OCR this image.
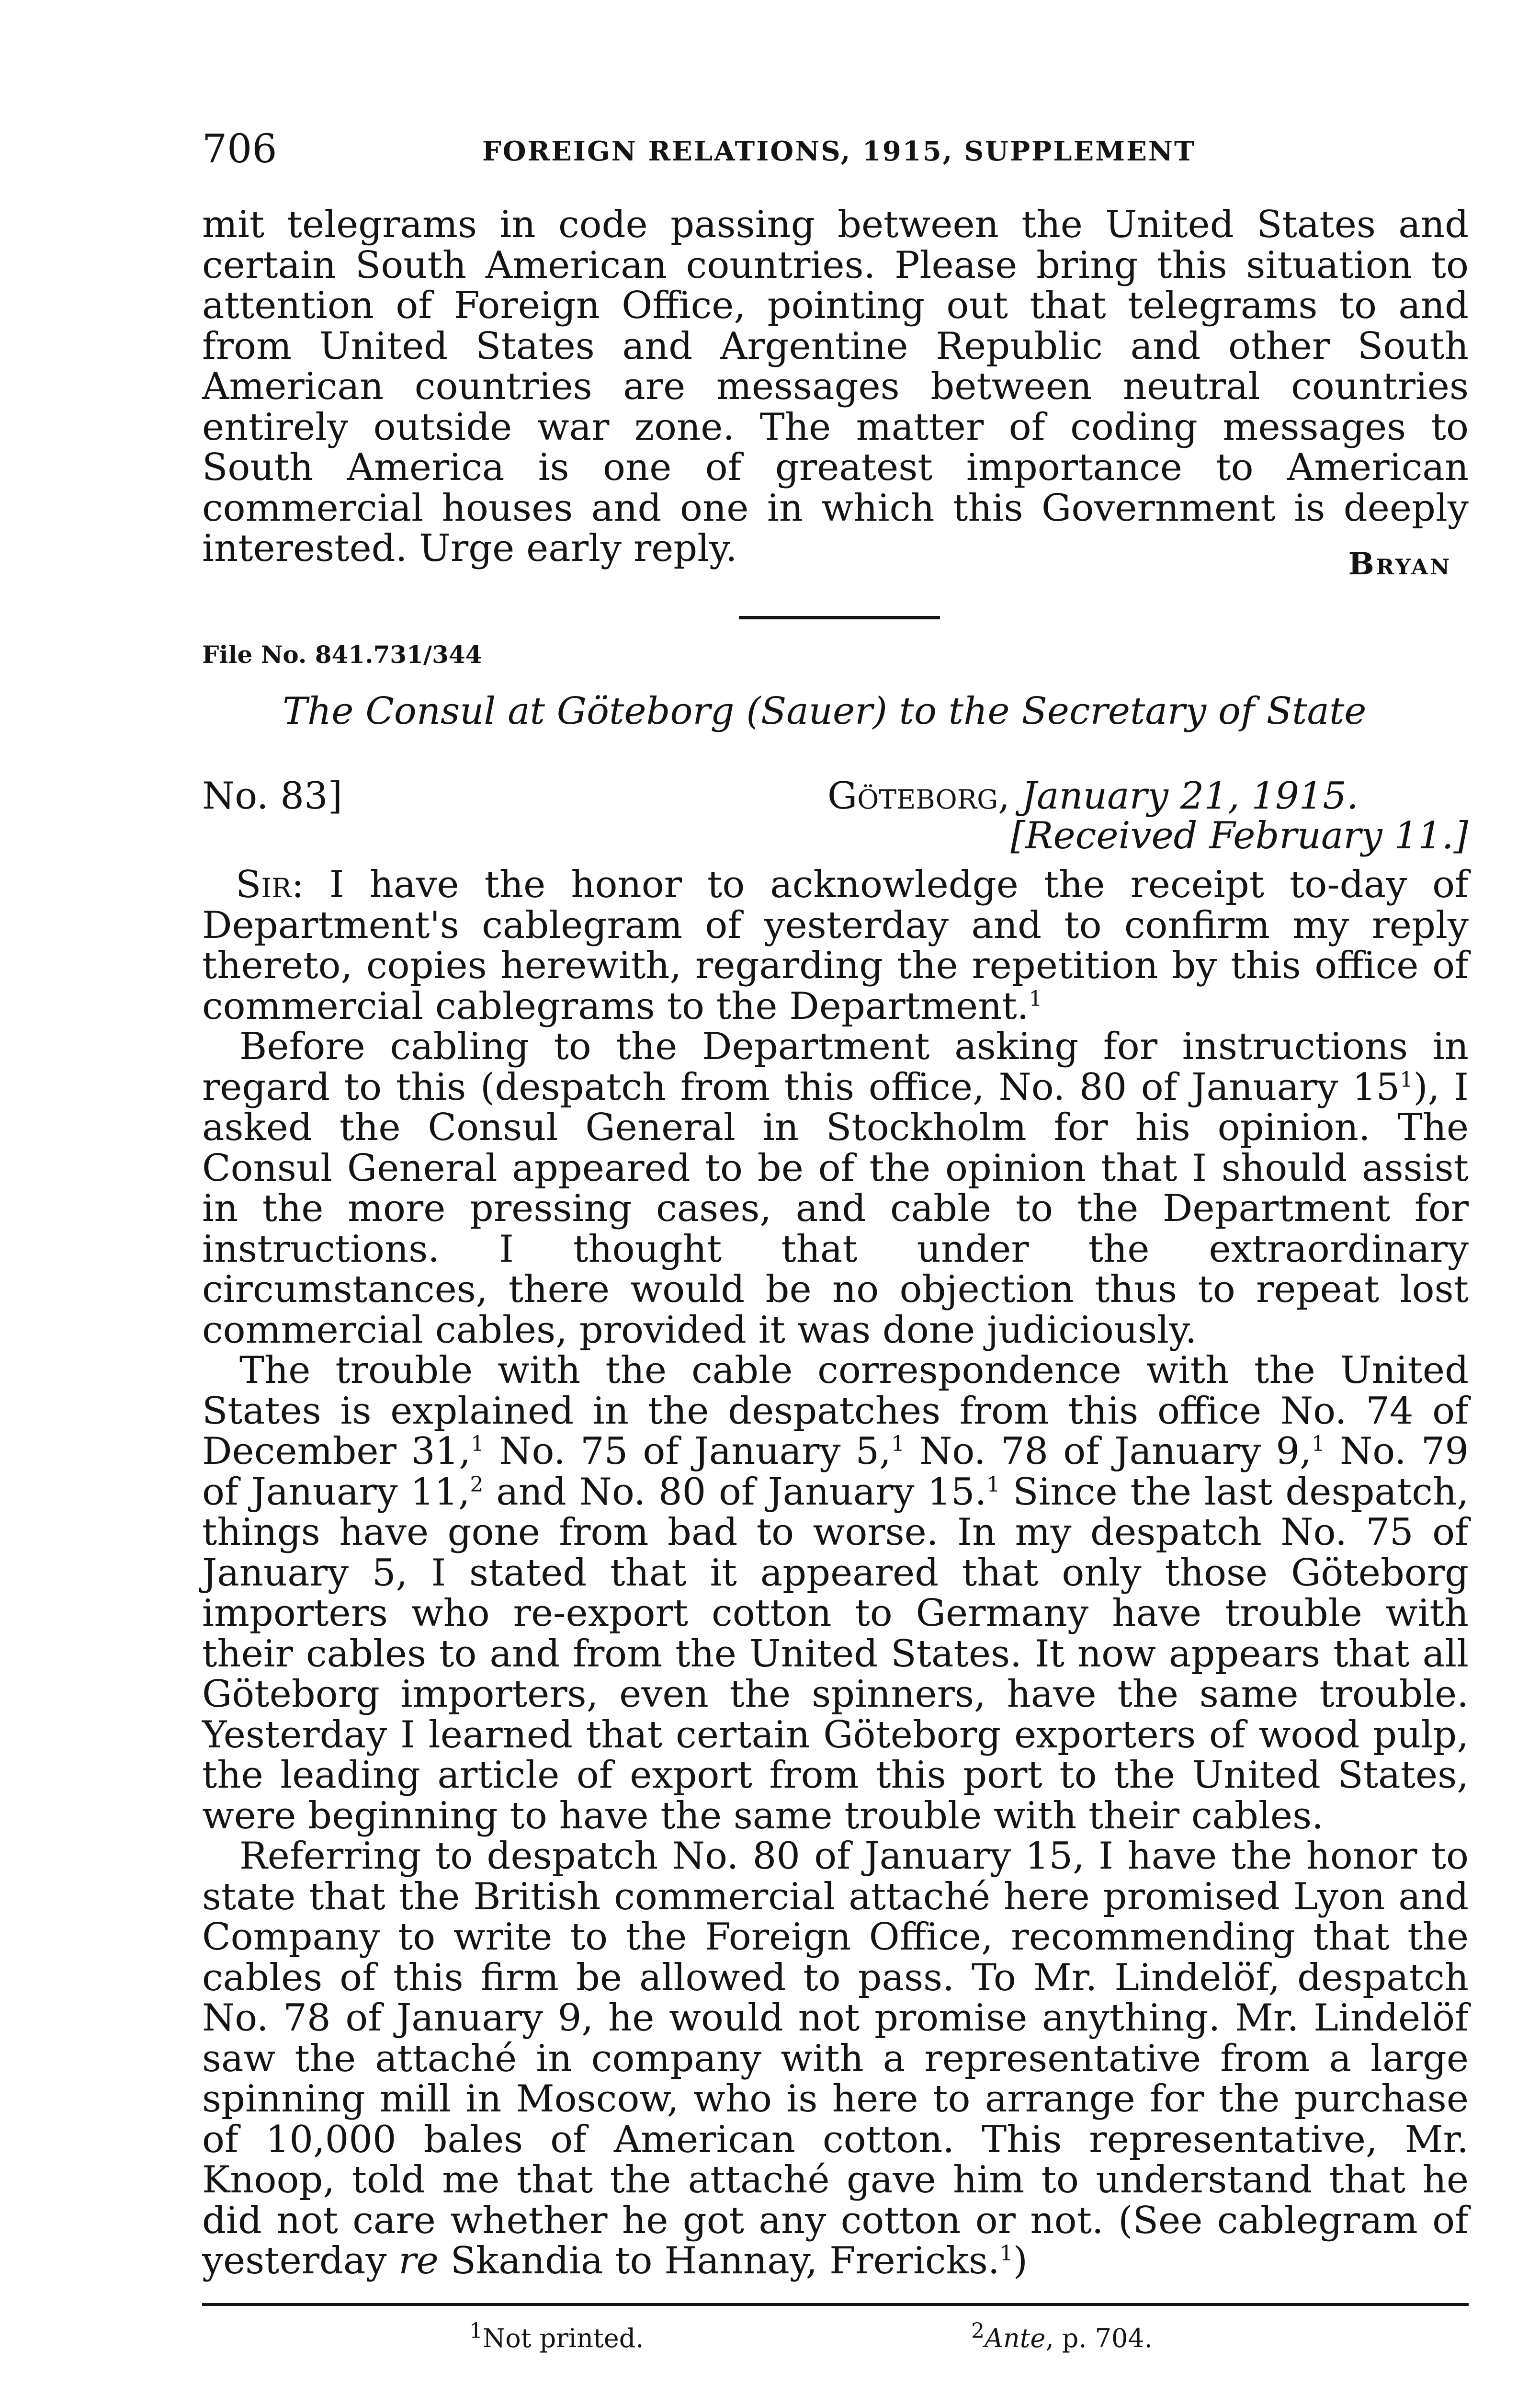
706	FOREIGN RELATIONS, 1915, SUPPLEMENT

mit telegrams in code passing between the United States and certain South American countries. Please bring this situation to attention of Foreign Office, pointing out that telegrams to and from United States and Argentine Republic and other South American countries are messages between neutral countries entirely outside war zone. The matter of coding messages to South America is one of greatest importance to American commercial houses and one in which this Government is deeply interested. Urge early reply.	Bryan
File No. 841.731/344
The Consul at Göteborg (Sauer) to the Secretary of State
No. 83]	Göteborg, January 21, 1915.
[Received February 11.]

Sir: I have the honor to acknowledge the receipt to-day of Department's cablegram of yesterday and to confirm my reply thereto, copies herewith, regarding the repetition by this office of commercial cablegrams to the Department.$^1$

Before cabling to the Department asking for instructions in regard to this (despatch from this office, No. 80 of January $15^1$), I asked the Consul General in Stockholm for his opinion. The Consul General appeared to be of the opinion that I should assist in the more pressing cases, and cable to the Department for instructions. I thought that under the extraordinary circumstances, there would be no objection thus to repeat lost commercial cables, provided it was done judiciously.

The trouble with the cable correspondence with the United States is explained in the despatches from this office No. 74 of December 31,$^1$ No. 75 of January 5,$^1$ No. 78 of January 9,$^1$ No. 79 of January 11,$^2$ and No. 80 of January 15.$^1$ Since the last despatch, things have gone from bad to worse. In my despatch No. 75 of January 5, I stated that it appeared that only those Göteborg importers who re-export cotton to Germany have trouble with their cables to and from the United States. It now appears that all Göteborg importers, even the spinners, have the same trouble. Yesterday I learned that certain Göteborg exporters of wood pulp, the leading article of export from this port to the United States, were beginning to have the same trouble with their cables.

Referring to despatch No. 80 of January 15, I have the honor to state that the British commercial attaché here promised Lyon and Company to write to the Foreign Office, recommending that the cables of this firm be allowed to pass. To Mr. Lindelöf, despatch No. 78 of January 9, he would not promise anything. Mr. Lindelöf saw the attaché in company with a representative from a large spinning mill in Moscow, who is here to arrange for the purchase of 10,000 bales of American cotton. This representative, Mr. Knoop, told me that the attaché gave him to understand that he did not care whether he got any cotton or not. (See cablegram of yesterday re Skandia to Hannay, Frericks.$^1$)

$^1$Not printed.	$^2$Ante, p. 704.
